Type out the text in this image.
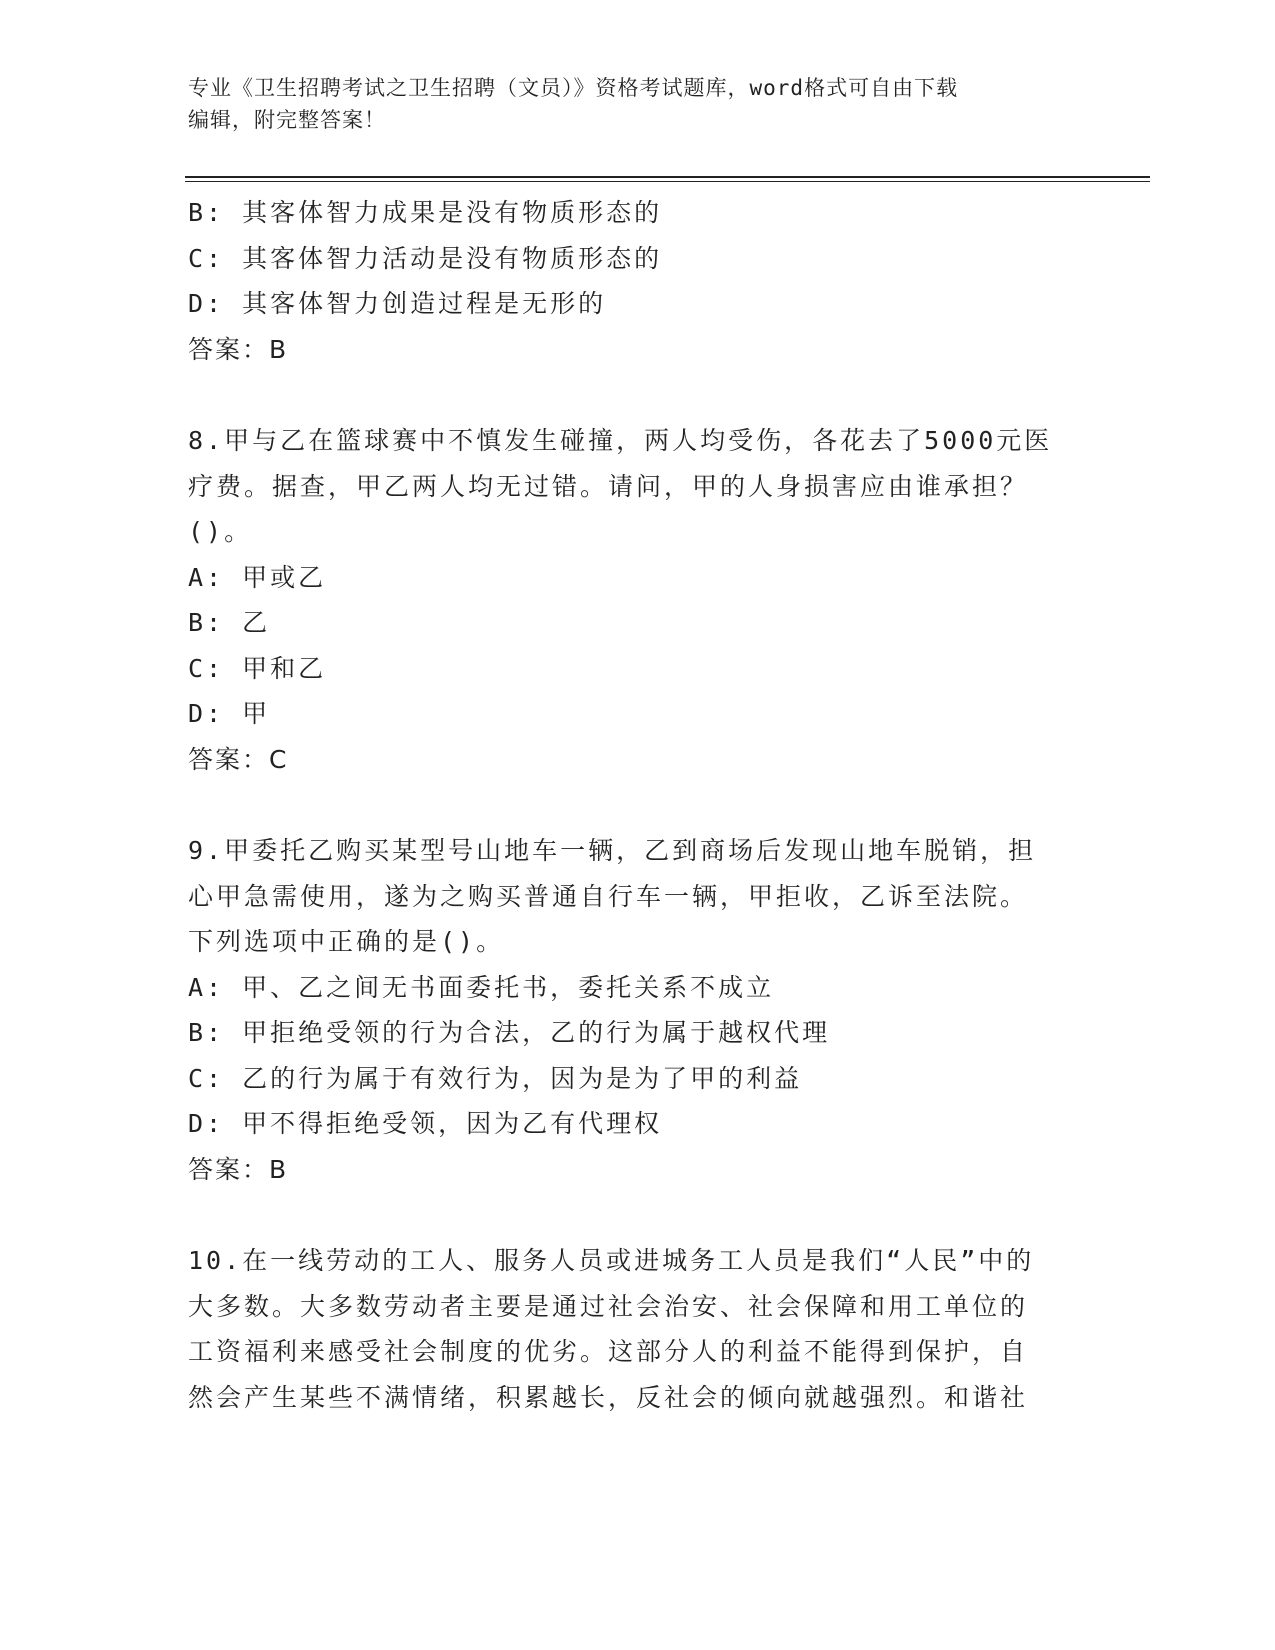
专业《卫生招聘考试之卫生招聘（文员）》资格考试题库，word格式可自由下载
编辑，附完整答案！
B: 其客体智力成果是没有物质形态的
C: 其客体智力活动是没有物质形态的
D: 其客体智力创造过程是无形的
答案：B
8.甲与乙在篮球赛中不慎发生碰撞，两人均受伤，各花去了5000元医
疗费。据查，甲乙两人均无过错。请问，甲的人身损害应由谁承担？
()。
A: 甲或乙
B: 乙
C: 甲和乙
D: 甲
答案：C
9.甲委托乙购买某型号山地车一辆，乙到商场后发现山地车脱销，担
心甲急需使用，遂为之购买普通自行车一辆，甲拒收，乙诉至法院。
下列选项中正确的是()。
A: 甲、乙之间无书面委托书，委托关系不成立
B: 甲拒绝受领的行为合法，乙的行为属于越权代理
C: 乙的行为属于有效行为，因为是为了甲的利益
D: 甲不得拒绝受领，因为乙有代理权
答案：B
10.在一线劳动的工人、服务人员或进城务工人员是我们“人民”中的
大多数。大多数劳动者主要是通过社会治安、社会保障和用工单位的
工资福利来感受社会制度的优劣。这部分人的利益不能得到保护，自
然会产生某些不满情绪，积累越长，反社会的倾向就越强烈。和谐社
